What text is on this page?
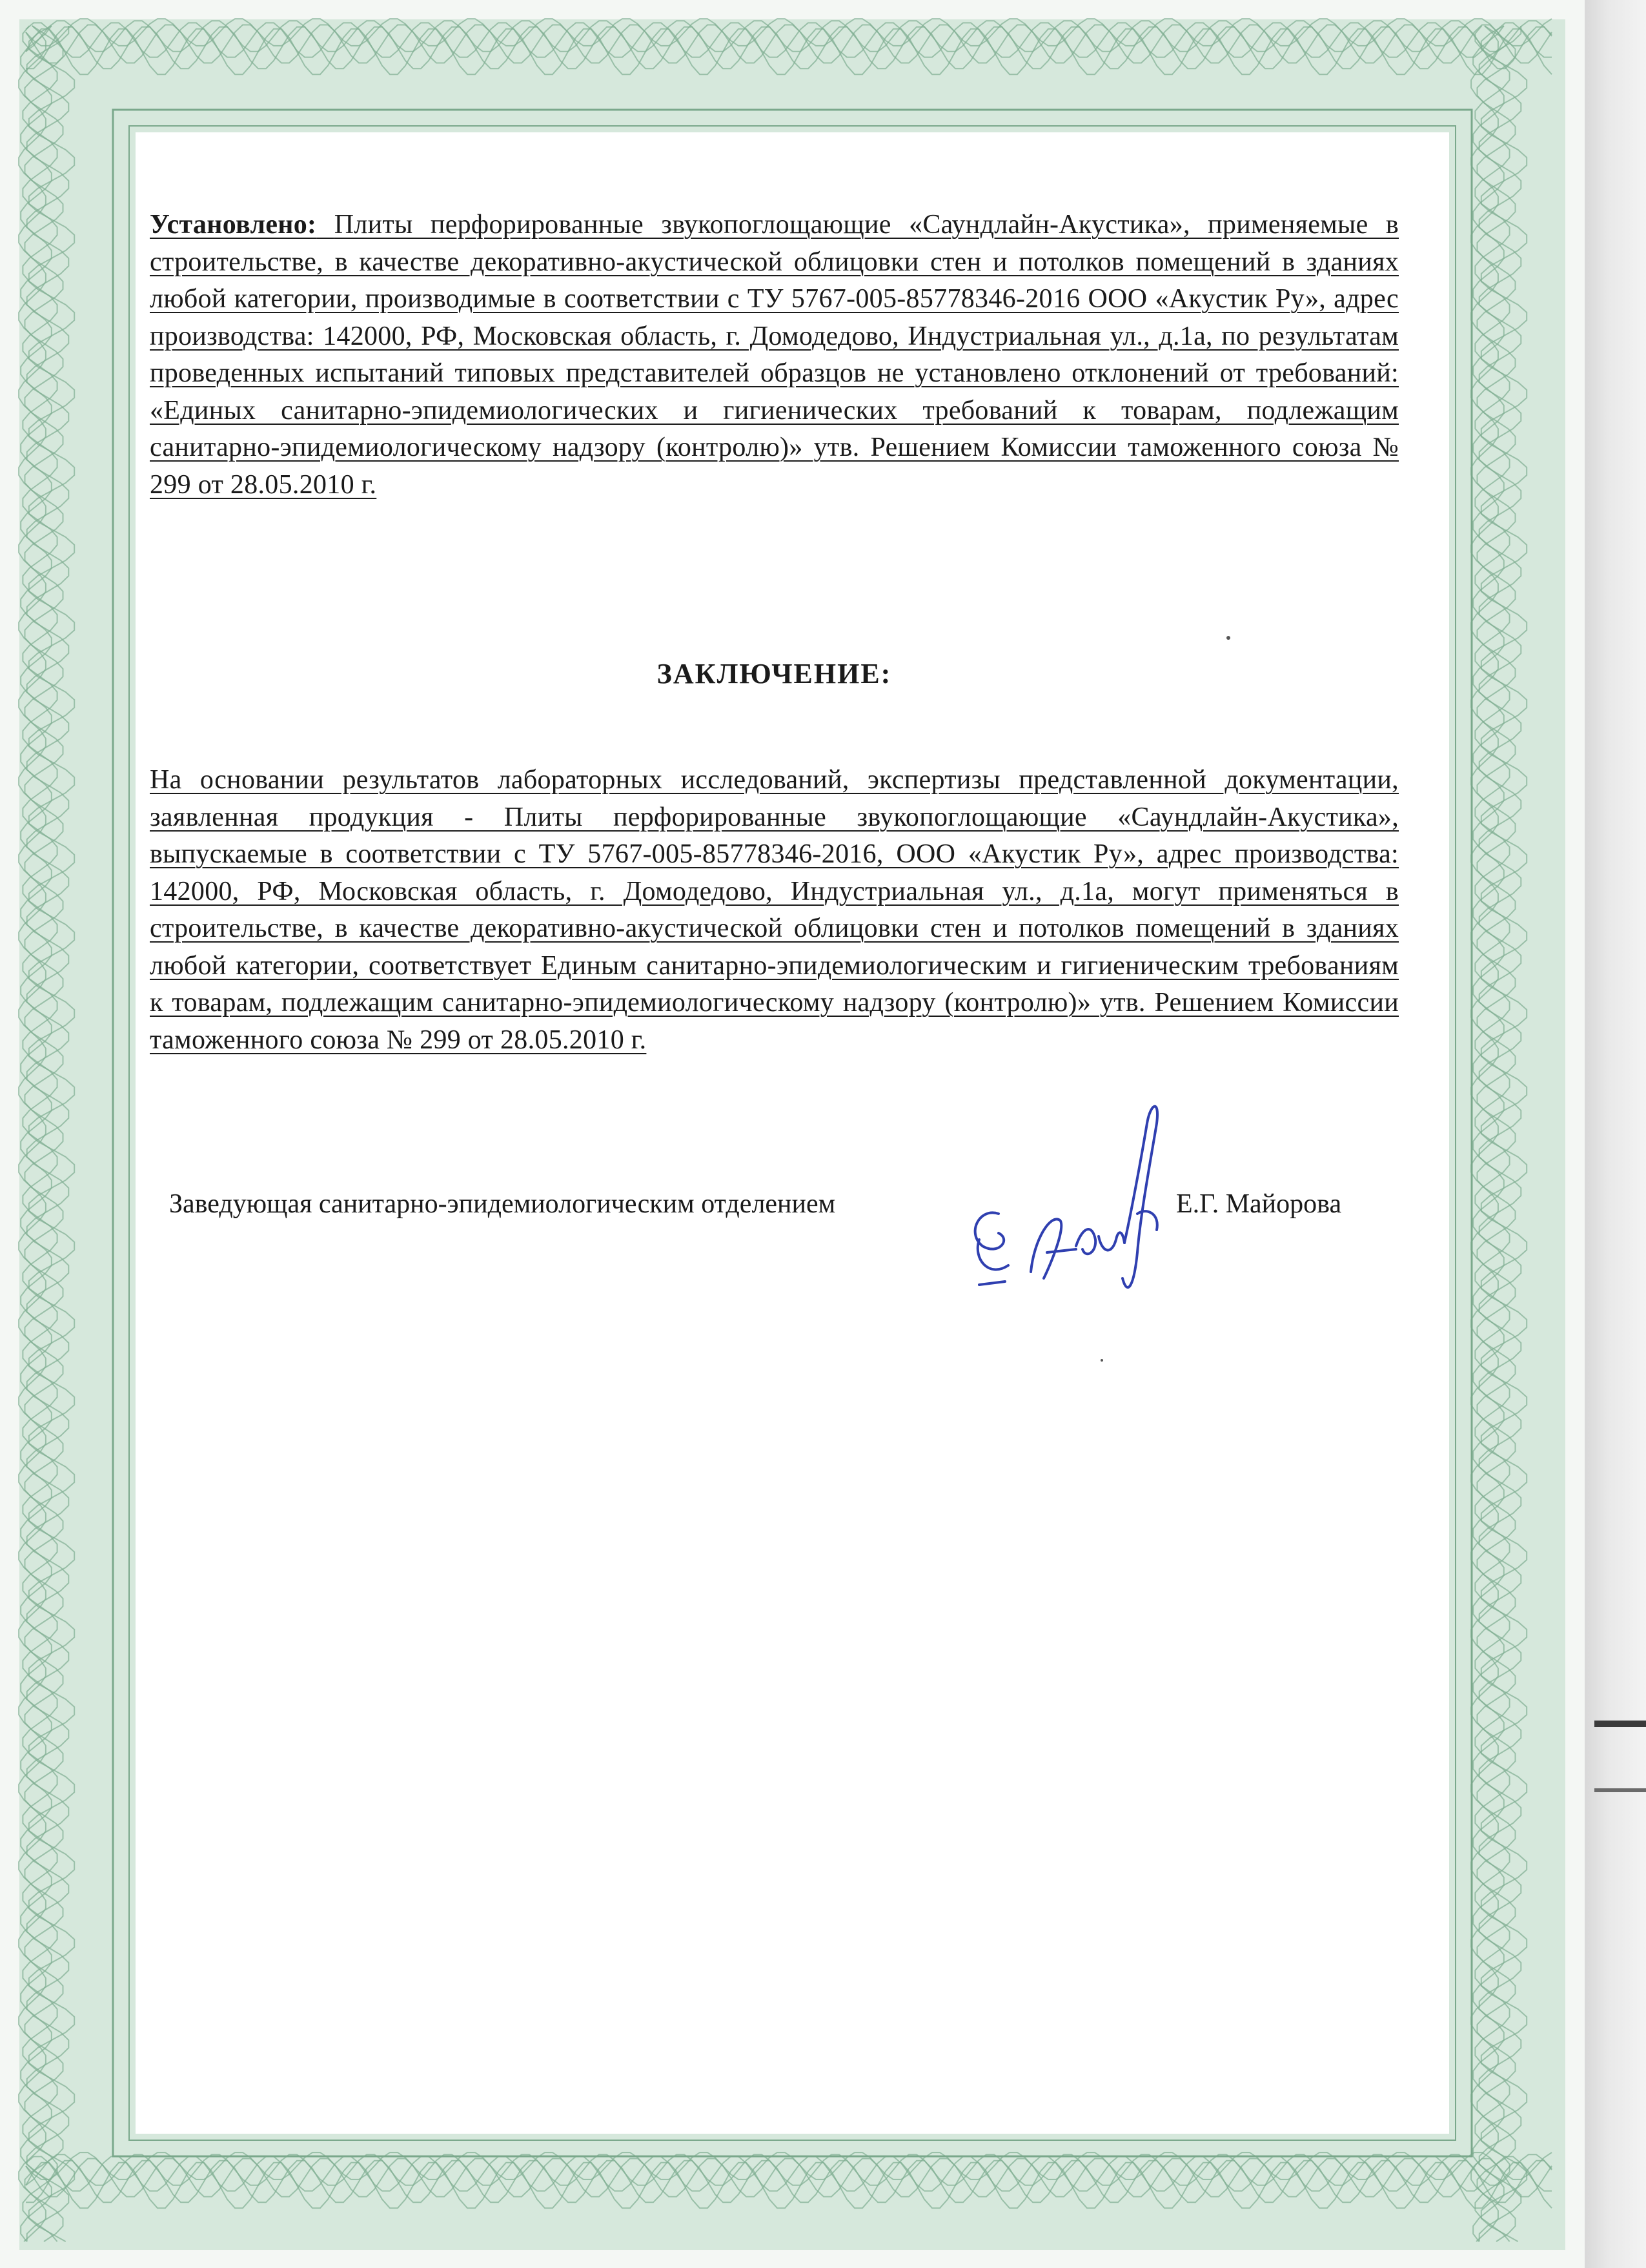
Установлено: Плиты перфорированные звукопоглощающие «Саундлайн-Акустика», применяемые в строительстве, в качестве декоративно-акустической облицовки стен и потолков помещений в зданиях любой категории, производимые в соответствии с ТУ 5767-005-85778346-2016 ООО «Акустик Ру», адрес производства: 142000, РФ, Московская область, г. Домодедово, Индустриальная ул., д.1а, по результатам проведенных испытаний типовых представителей образцов не установлено отклонений от требований: «Единых санитарно-эпидемиологических и гигиенических требований к товарам, подлежащим санитарно-эпидемиологическому надзору (контролю)» утв. Решением Комиссии таможенного союза № 299 от 28.05.2010 г.
ЗАКЛЮЧЕНИЕ:
На основании результатов лабораторных исследований, экспертизы представленной документации, заявленная продукция - Плиты перфорированные звукопоглощающие «Саундлайн-Акустика», выпускаемые в соответствии с ТУ 5767-005-85778346-2016, ООО «Акустик Ру», адрес производства: 142000, РФ, Московская область, г. Домодедово, Индустриальная ул., д.1а, могут применяться в строительстве, в качестве декоративно-акустической облицовки стен и потолков помещений в зданиях любой категории, соответствует Единым санитарно-эпидемиологическим и гигиеническим требованиям к товарам, подлежащим санитарно-эпидемиологическому надзору (контролю)» утв. Решением Комиссии таможенного союза № 299 от 28.05.2010 г.
Заведующая санитарно-эпидемиологическим отделением	Е.Г. Майорова
